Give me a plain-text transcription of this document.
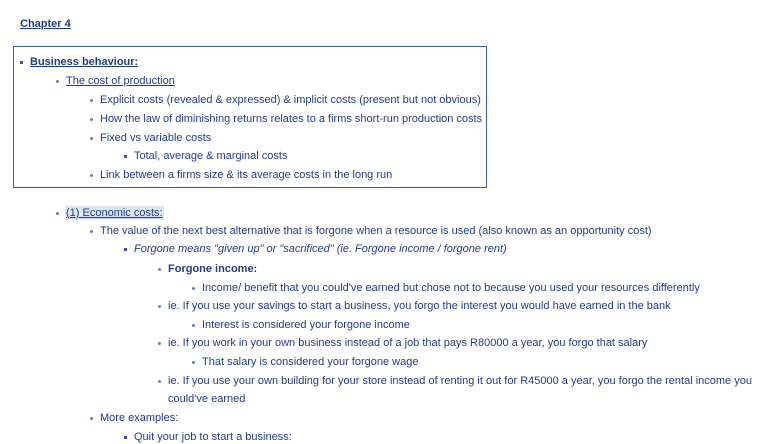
Chapter 4
Business behaviour:
The cost of production
Explicit costs (revealed & expressed) & implicit costs (present but not obvious)
How the law of diminishing returns relates to a firms short-run production costs
Fixed vs variable costs
Total, average & marginal costs
Link between a firms size & its average costs in the long run
(1) Economic costs:
The value of the next best alternative that is forgone when a resource is used (also known as an opportunity cost)
Forgone means "given up" or "sacrificed" (ie. Forgone income / forgone rent)
Forgone income:
Income/ benefit that you could've earned but chose not to because you used your resources differently
ie. If you use your savings to start a business, you forgo the interest you would have earned in the bank
Interest is considered your forgone income
ie. If you work in your own business instead of a job that pays R80000 a year, you forgo that salary
That salary is considered your forgone wage
ie. If you use your own building for your store instead of renting it out for R45000 a year, you forgo the rental income you
could've earned
More examples:
Quit your job to start a business:
